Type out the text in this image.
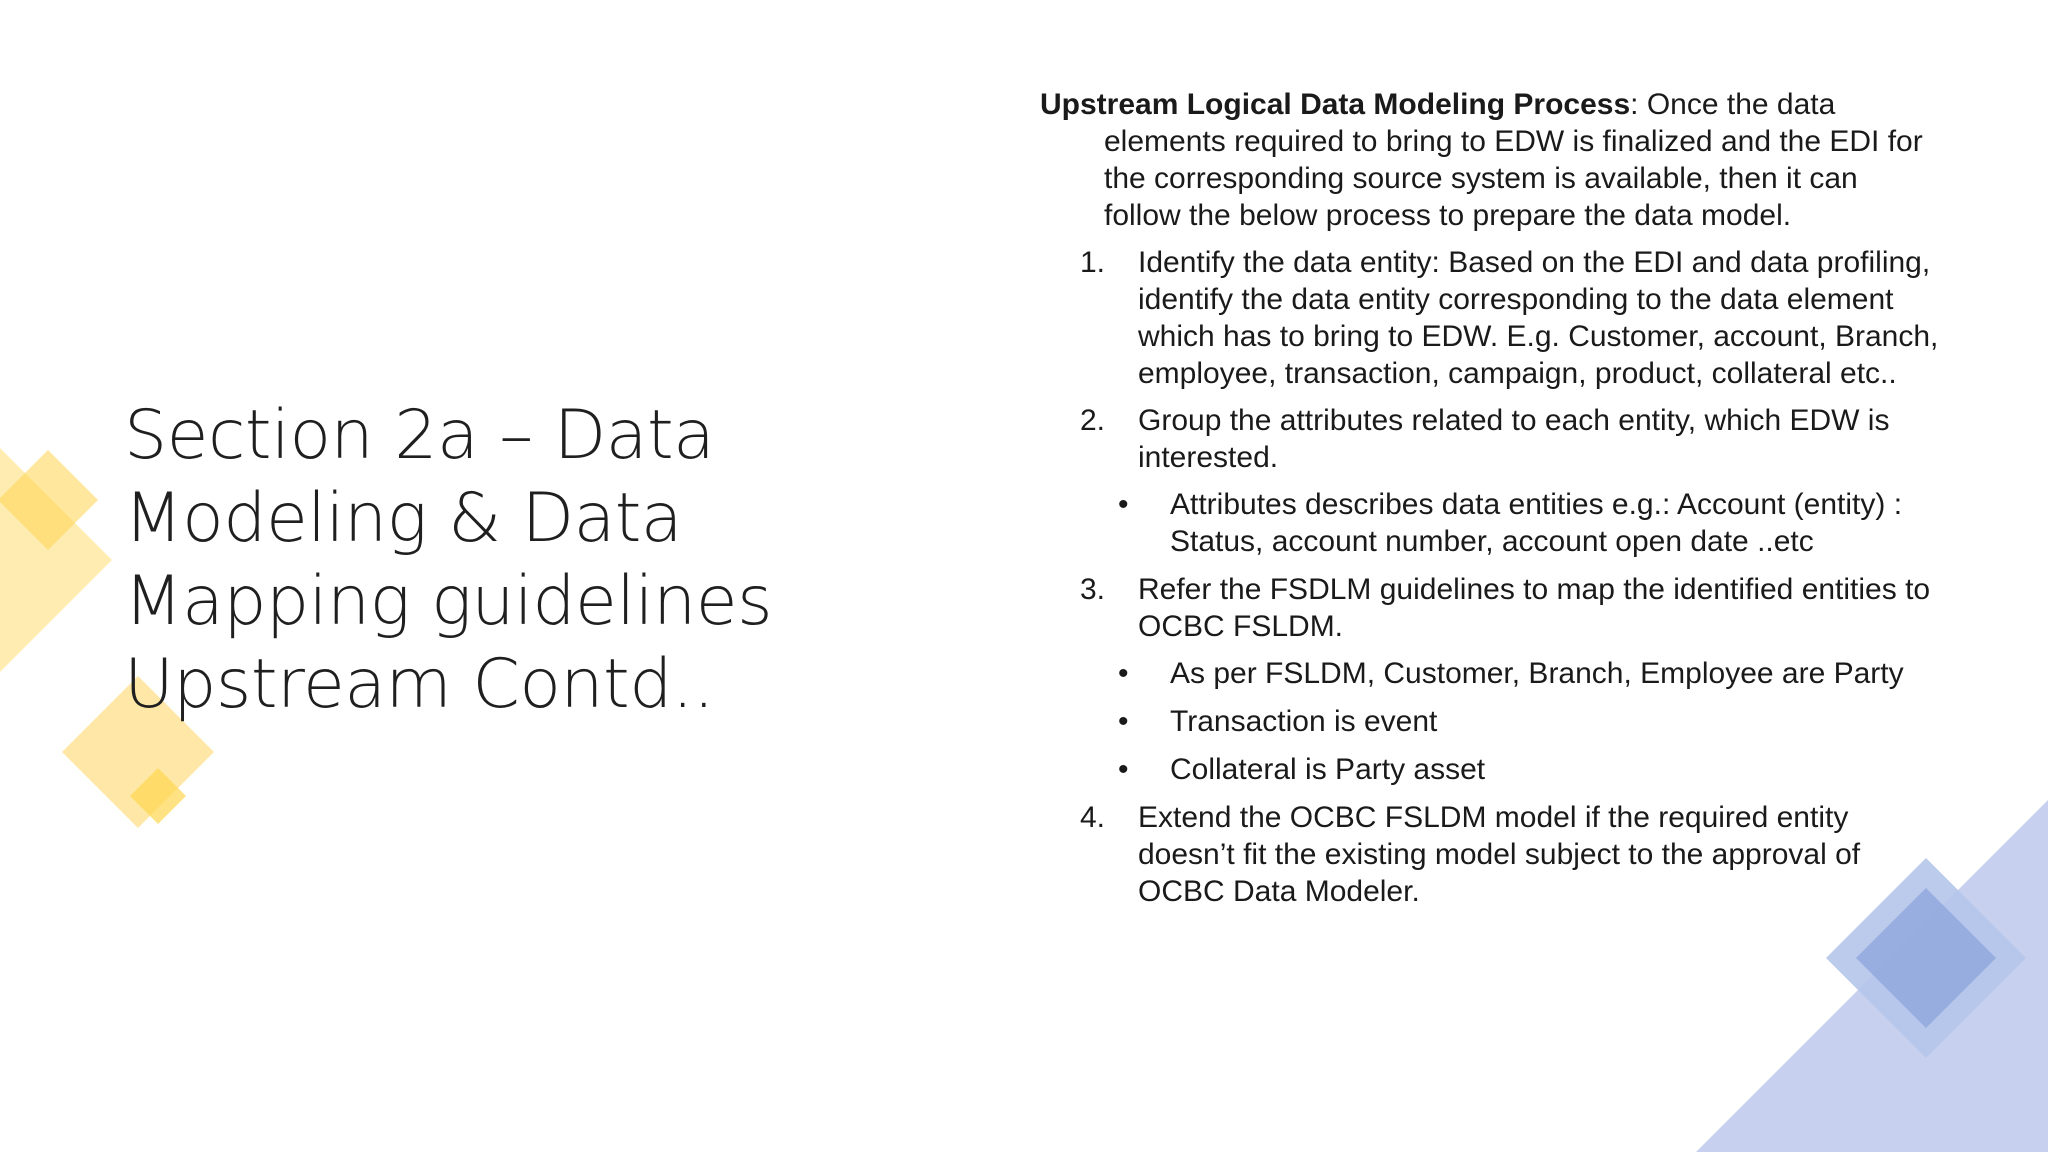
Section 2a – Data
Modeling & Data
Mapping guidelines
Upstream Contd..

Upstream Logical Data Modeling Process: Once the data elements required to bring to EDW is finalized and the EDI for the corresponding source system is available, then it can follow the below process to prepare the data model.

1. Identify the data entity: Based on the EDI and data profiling, identify the data entity corresponding to the data element which has to bring to EDW. E.g. Customer, account, Branch, employee, transaction, campaign, product, collateral etc..
2. Group the attributes related to each entity, which EDW is interested.
• Attributes describes data entities e.g.: Account (entity) : Status, account number, account open date ..etc
3. Refer the FSDLM guidelines to map the identified entities to OCBC FSLDM.
• As per FSLDM, Customer, Branch, Employee are Party
• Transaction is event
• Collateral is Party asset
4. Extend the OCBC FSLDM model if the required entity doesn’t fit the existing model subject to the approval of OCBC Data Modeler.
